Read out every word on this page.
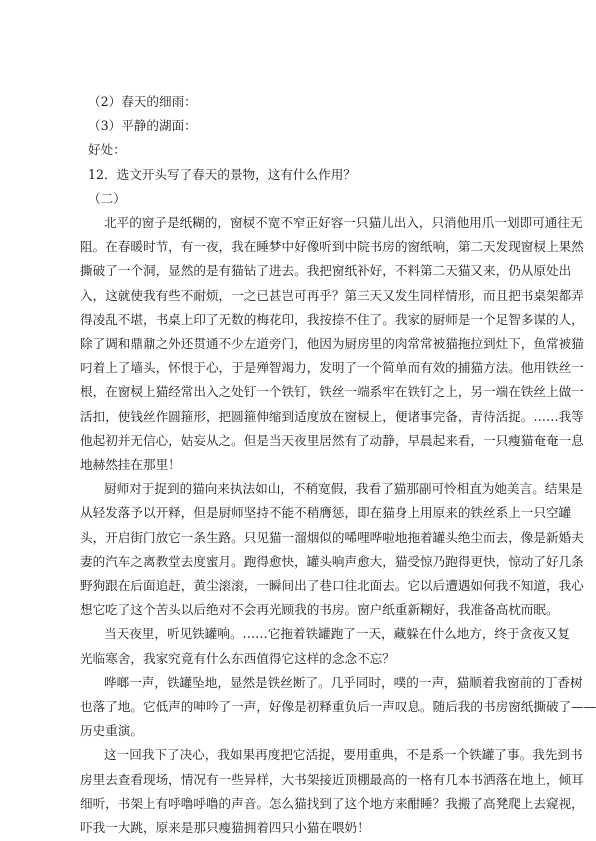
（2）春天的细雨：

（3）平静的湖面：

好处：

12．选文开头写了春天的景物，这有什么作用？

（二）

北平的窗子是纸糊的，窗棂不宽不窄正好容一只猫儿出入，只消他用爪一划即可通往无

阻。在春暖时节，有一夜，我在睡梦中好像听到中院书房的窗纸响，第二天发现窗棂上果然

撕破了一个洞，显然的是有猫钻了进去。我把窗纸补好，不料第二天猫又来，仍从原处出

入，这就使我有些不耐烦，一之已甚岂可再乎？第三天又发生同样情形，而且把书桌架都弄

得凌乱不堪，书桌上印了无数的梅花印，我按捺不住了。我家的厨师是一个足智多谋的人，

除了调和鼎鼐之外还贯通不少左道旁门，他因为厨房里的肉常常被猫拖拉到灶下，鱼常被猫

叼着上了墙头，怀恨于心，于是殚智竭力，发明了一个简单而有效的捕猫方法。他用铁丝一

根，在窗棂上猫经常出入之处钉一个铁钉，铁丝一端系牢在铁钉之上，另一端在铁丝上做一

活扣，使钱丝作圆箍形，把圆箍伸缩到适度放在窗棂上，便诸事完备，青待活捉。……我等

他起初并无信心，姑妄从之。但是当天夜里居然有了动静，早晨起来看，一只瘦猫奄奄一息

地赫然挂在那里！

厨师对于捉到的猫向来执法如山，不稍宽假，我看了猫那副可怜相直为她美言。结果是

从轻发落予以开释，但是厨师坚持不能不稍膺惩，即在猫身上用原来的铁丝系上一只空罐

头，开启街门放它一条生路。只见猫一溜烟似的唏哩哗啦地拖着罐头绝尘而去，像是新婚夫

妻的汽车之离教堂去度蜜月。跑得愈快，罐头响声愈大，猫受惊乃跑得更快，惊动了好几条

野狗跟在后面追赶，黄尘滚滚，一瞬间出了巷口往北面去。它以后遭遇如何我不知道，我心

想它吃了这个苦头以后绝对不会再光顾我的书房。窗户纸重新糊好，我准备高枕而眠。

当天夜里，听见铁罐响。……它拖着铁罐跑了一天，藏躲在什么地方，终于贪夜又复

光临寒舍，我家究竟有什么东西值得它这样的念念不忘？

哗啷一声，铁罐坠地，显然是铁丝断了。几乎同时，噗的一声，猫顺着我窗前的丁香树

也落了地。它低声的呻吟了一声，好像是初释重负后一声叹息。随后我的书房窗纸撕破了——

历史重演。

这一回我下了决心，我如果再度把它活捉，要用重典，不是系一个铁罐了事。我先到书

房里去查看现场，情况有一些异样，大书架接近顶棚最高的一格有几本书洒落在地上，倾耳

细听，书架上有呼噜呼噜的声音。怎么猫找到了这个地方来酣睡？我搬了高凳爬上去窥视，

吓我一大跳，原来是那只瘦猫拥着四只小猫在喂奶！
